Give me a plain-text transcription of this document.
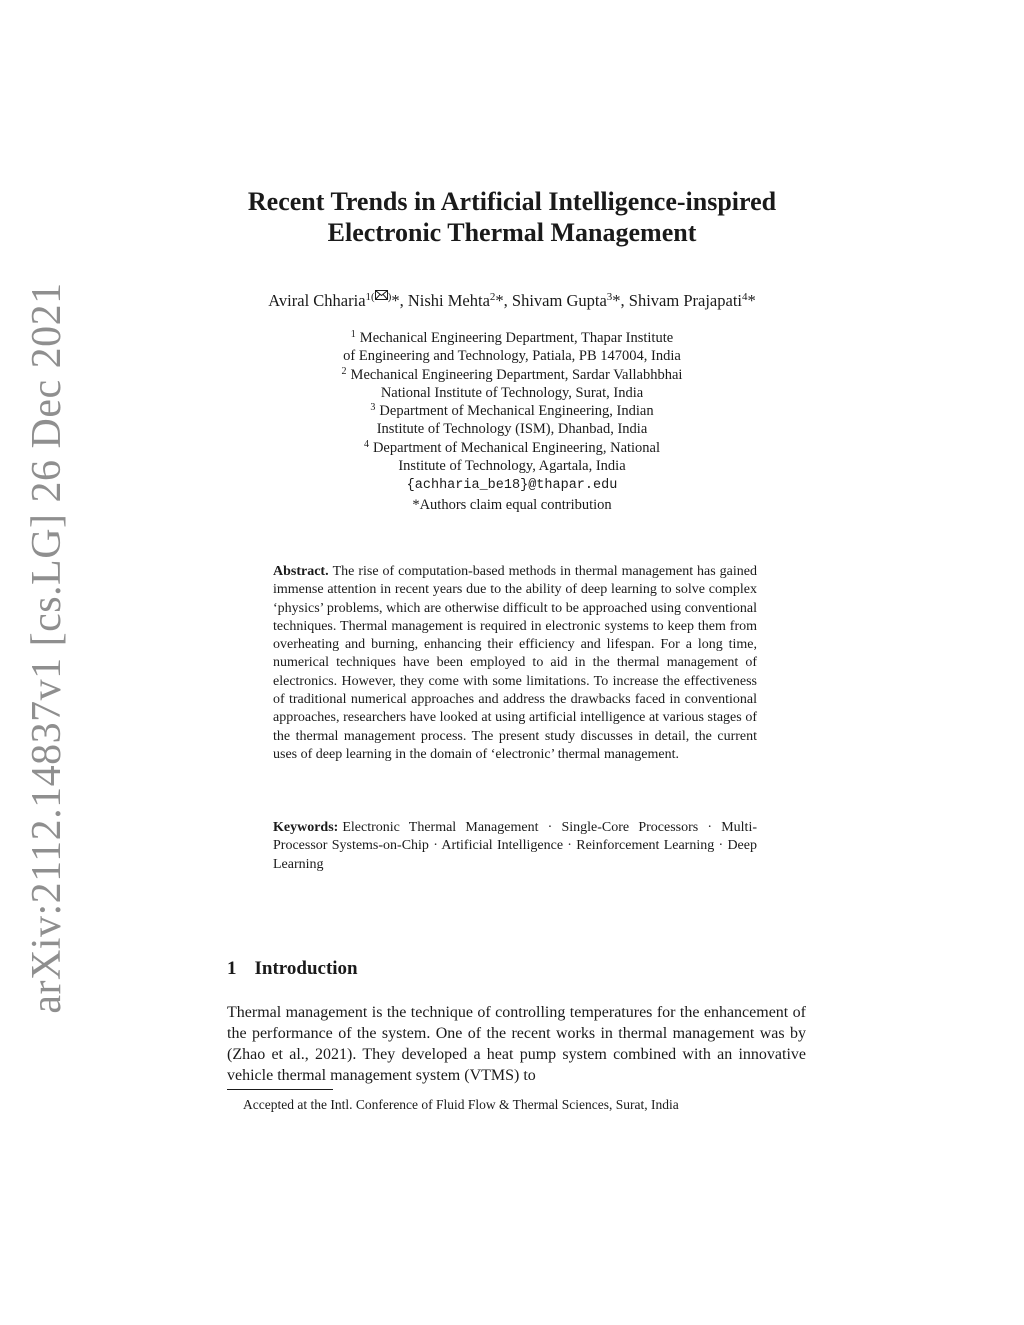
arXiv:2112.14837v1 [cs.LG] 26 Dec 2021
Recent Trends in Artificial Intelligence-inspired
Electronic Thermal Management
Aviral Chharia$^{1( )}$*, Nishi Mehta$^2$*, Shivam Gupta$^3$*, Shivam Prajapati$^4$*
$^1$ Mechanical Engineering Department, Thapar Institute
of Engineering and Technology, Patiala, PB 147004, India
$^2$ Mechanical Engineering Department, Sardar Vallabhbhai
National Institute of Technology, Surat, India
$^3$ Department of Mechanical Engineering, Indian
Institute of Technology (ISM), Dhanbad, India
$^4$ Department of Mechanical Engineering, National
Institute of Technology, Agartala, India
{achharia_be18}@thapar.edu
*Authors claim equal contribution

Abstract. The rise of computation-based methods in thermal management has gained immense attention in recent years due to the ability of deep learning to solve complex ‘physics’ problems, which are otherwise difficult to be approached using conventional techniques. Thermal management is required in electronic systems to keep them from overheating and burning, enhancing their efficiency and lifespan. For a long time, numerical techniques have been employed to aid in the thermal management of electronics. However, they come with some limitations. To increase the effectiveness of traditional numerical approaches and address the drawbacks faced in conventional approaches, researchers have looked at using artificial intelligence at various stages of the thermal management process. The present study discusses in detail, the current uses of deep learning in the domain of ‘electronic’ thermal management.

Keywords: Electronic Thermal Management · Single-Core Processors · Multi-Processor Systems-on-Chip · Artificial Intelligence · Reinforcement Learning · Deep Learning

1 Introduction

Thermal management is the technique of controlling temperatures for the enhancement of the performance of the system. One of the recent works in thermal management was by (Zhao et al., 2021). They developed a heat pump system combined with an innovative vehicle thermal management system (VTMS) to

Accepted at the Intl. Conference of Fluid Flow & Thermal Sciences, Surat, India
